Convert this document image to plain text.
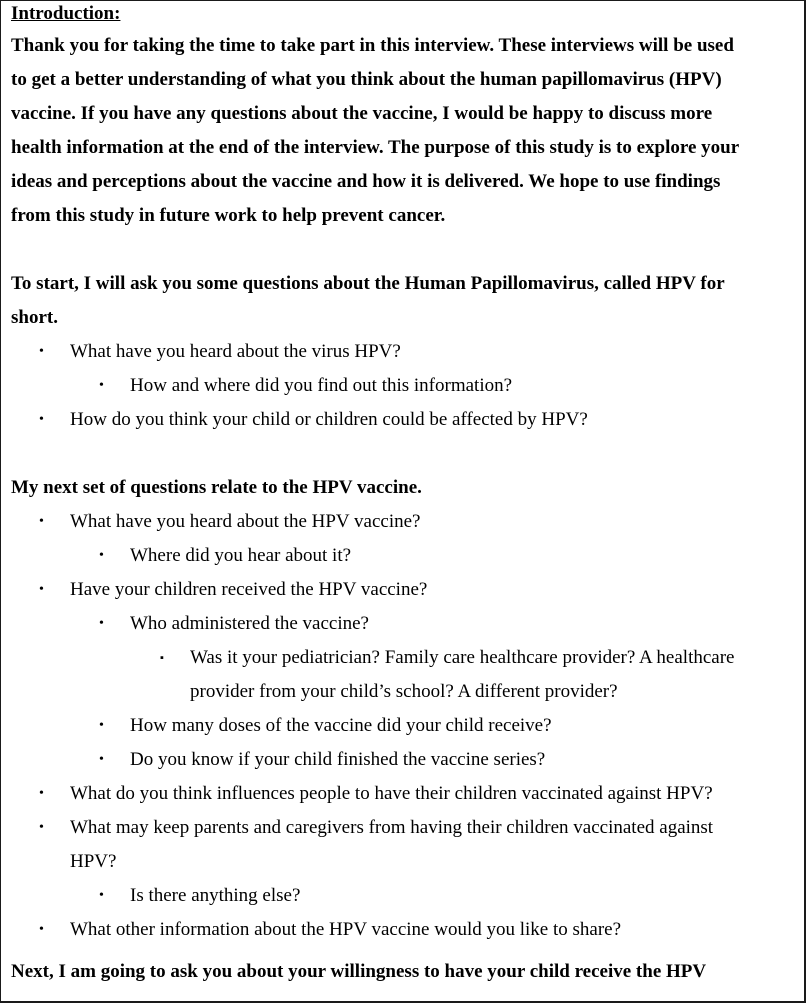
Introduction:
Thank you for taking the time to take part in this interview. These interviews will be used
to get a better understanding of what you think about the human papillomavirus (HPV)
vaccine. If you have any questions about the vaccine, I would be happy to discuss more
health information at the end of the interview. The purpose of this study is to explore your
ideas and perceptions about the vaccine and how it is delivered. We hope to use findings
from this study in future work to help prevent cancer.
To start, I will ask you some questions about the Human Papillomavirus, called HPV for
short.
• What have you heard about the virus HPV?
• How and where did you find out this information?
• How do you think your child or children could be affected by HPV?
My next set of questions relate to the HPV vaccine.
• What have you heard about the HPV vaccine?
• Where did you hear about it?
• Have your children received the HPV vaccine?
• Who administered the vaccine?
▪ Was it your pediatrician? Family care healthcare provider? A healthcare
provider from your child’s school? A different provider?
• How many doses of the vaccine did your child receive?
• Do you know if your child finished the vaccine series?
• What do you think influences people to have their children vaccinated against HPV?
• What may keep parents and caregivers from having their children vaccinated against
HPV?
• Is there anything else?
• What other information about the HPV vaccine would you like to share?
Next, I am going to ask you about your willingness to have your child receive the HPV
